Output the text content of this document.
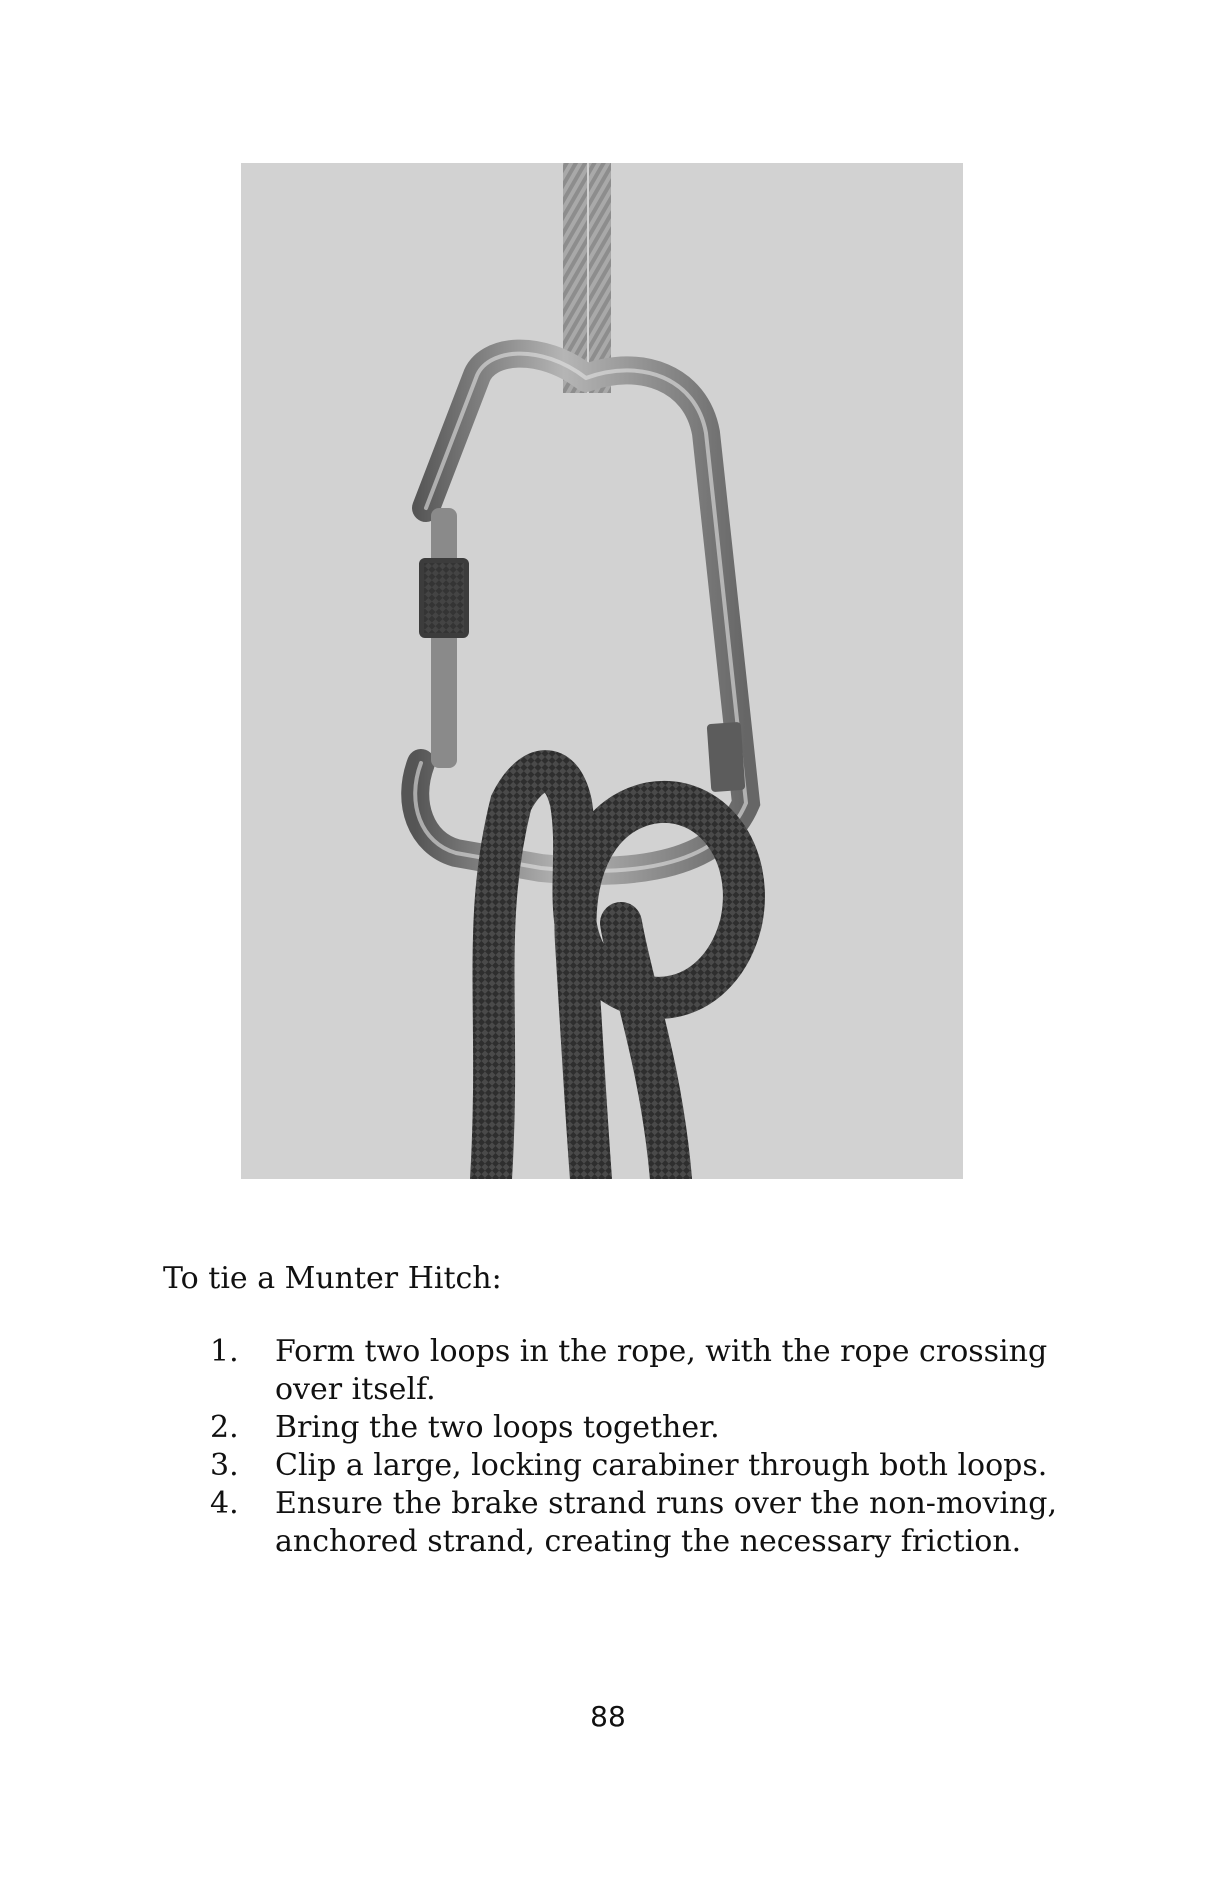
To tie a Munter Hitch:

1.	Form two loops in the rope, with the rope crossing over itself.
2.	Bring the two loops together.
3.	Clip a large, locking carabiner through both loops.
4.	Ensure the brake strand runs over the non-moving, anchored strand, creating the necessary friction.
88
